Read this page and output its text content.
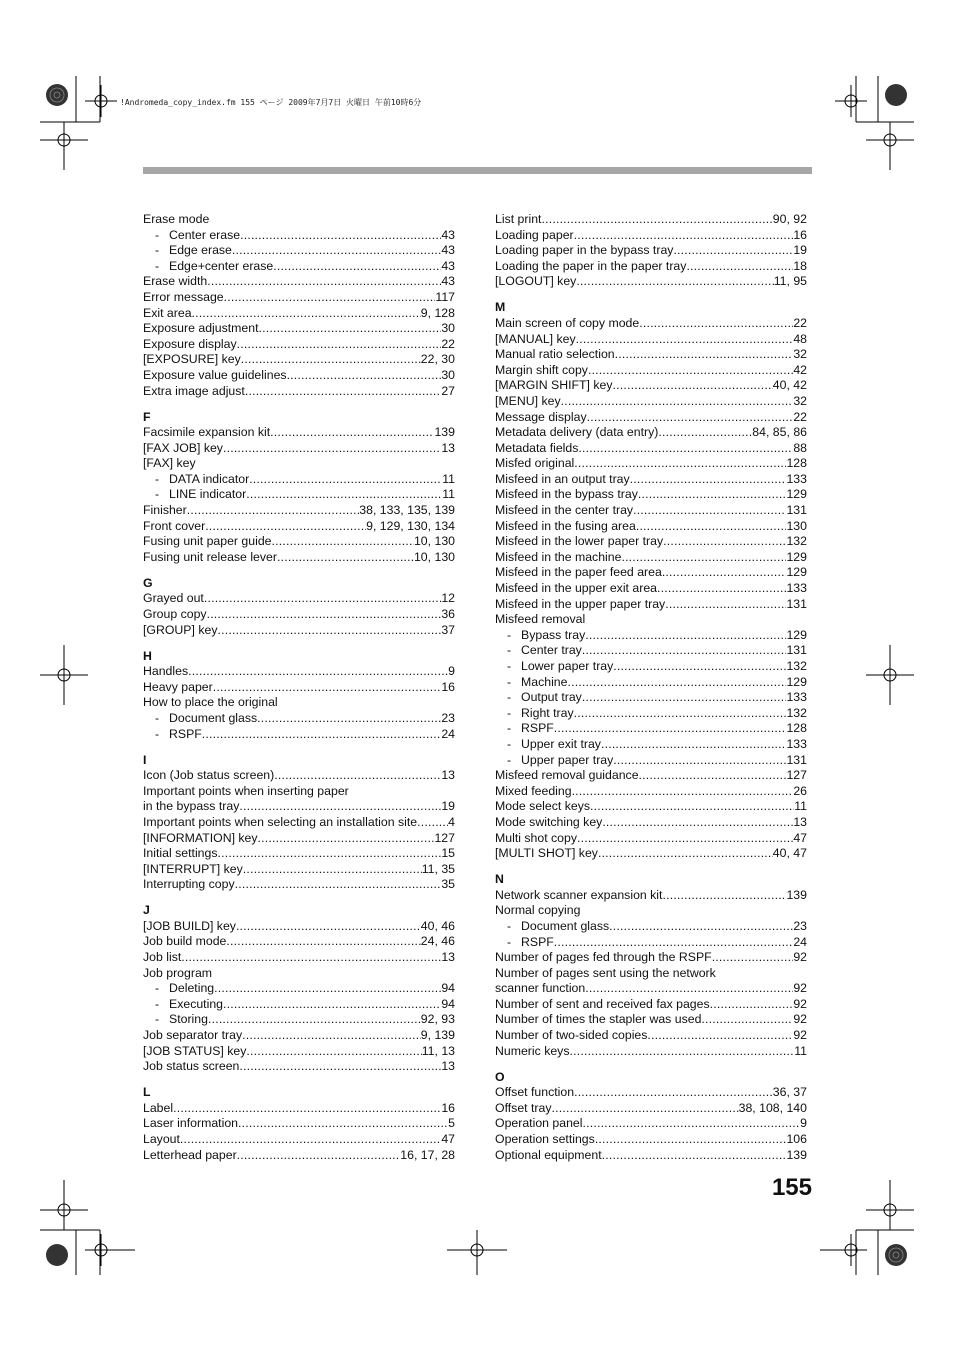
!Andromeda_copy_index.fm 155 ページ 2009年7月7日 火曜日 午前10時6分
Erase mode
- Center erase .....	43
- Edge erase .....	43
- Edge+center erase .....	43
Erase width .....	43
Error message .....	117
Exit area .....	9, 128
Exposure adjustment .....	30
Exposure display .....	22
[EXPOSURE] key .....	22, 30
Exposure value guidelines .....	30
Extra image adjust .....	27
F
Facsimile expansion kit .....	139
[FAX JOB] key .....	13
[FAX] key
- DATA indicator .....	11
- LINE indicator .....	11
Finisher .....	38, 133, 135, 139
Front cover .....	9, 129, 130, 134
Fusing unit paper guide .....	10, 130
Fusing unit release lever .....	10, 130
G
Grayed out .....	12
Group copy .....	36
[GROUP] key .....	37
H
Handles .....	9
Heavy paper .....	16
How to place the original
- Document glass .....	23
- RSPF .....	24
I
Icon (Job status screen) .....	13
Important points when inserting paper
in the bypass tray .....	19
Important points when selecting an installation site .....	4
[INFORMATION] key .....	127
Initial settings .....	15
[INTERRUPT] key .....	11, 35
Interrupting copy .....	35
J
[JOB BUILD] key .....	40, 46
Job build mode .....	24, 46
Job list .....	13
Job program
- Deleting .....	94
- Executing .....	94
- Storing .....	92, 93
Job separator tray .....	9, 139
[JOB STATUS] key .....	11, 13
Job status screen .....	13
L
Label .....	16
Laser information .....	5
Layout .....	47
Letterhead paper .....	16, 17, 28
List print .....	90, 92
Loading paper .....	16
Loading paper in the bypass tray .....	19
Loading the paper in the paper tray .....	18
[LOGOUT] key .....	11, 95
M
Main screen of copy mode .....	22
[MANUAL] key .....	48
Manual ratio selection .....	32
Margin shift copy .....	42
[MARGIN SHIFT] key .....	40, 42
[MENU] key .....	32
Message display .....	22
Metadata delivery (data entry) .....	84, 85, 86
Metadata fields .....	88
Misfed original .....	128
Misfeed in an output tray .....	133
Misfeed in the bypass tray .....	129
Misfeed in the center tray .....	131
Misfeed in the fusing area .....	130
Misfeed in the lower paper tray .....	132
Misfeed in the machine .....	129
Misfeed in the paper feed area .....	129
Misfeed in the upper exit area .....	133
Misfeed in the upper paper tray .....	131
Misfeed removal
- Bypass tray .....	129
- Center tray .....	131
- Lower paper tray .....	132
- Machine .....	129
- Output tray .....	133
- Right tray .....	132
- RSPF .....	128
- Upper exit tray .....	133
- Upper paper tray .....	131
Misfeed removal guidance .....	127
Mixed feeding .....	26
Mode select keys .....	11
Mode switching key .....	13
Multi shot copy .....	47
[MULTI SHOT] key .....	40, 47
N
Network scanner expansion kit .....	139
Normal copying
- Document glass .....	23
- RSPF .....	24
Number of pages fed through the RSPF .....	92
Number of pages sent using the network
scanner function .....	92
Number of sent and received fax pages .....	92
Number of times the stapler was used .....	92
Number of two-sided copies .....	92
Numeric keys .....	11
O
Offset function .....	36, 37
Offset tray .....	38, 108, 140
Operation panel .....	9
Operation settings .....	106
Optional equipment .....	139
155
